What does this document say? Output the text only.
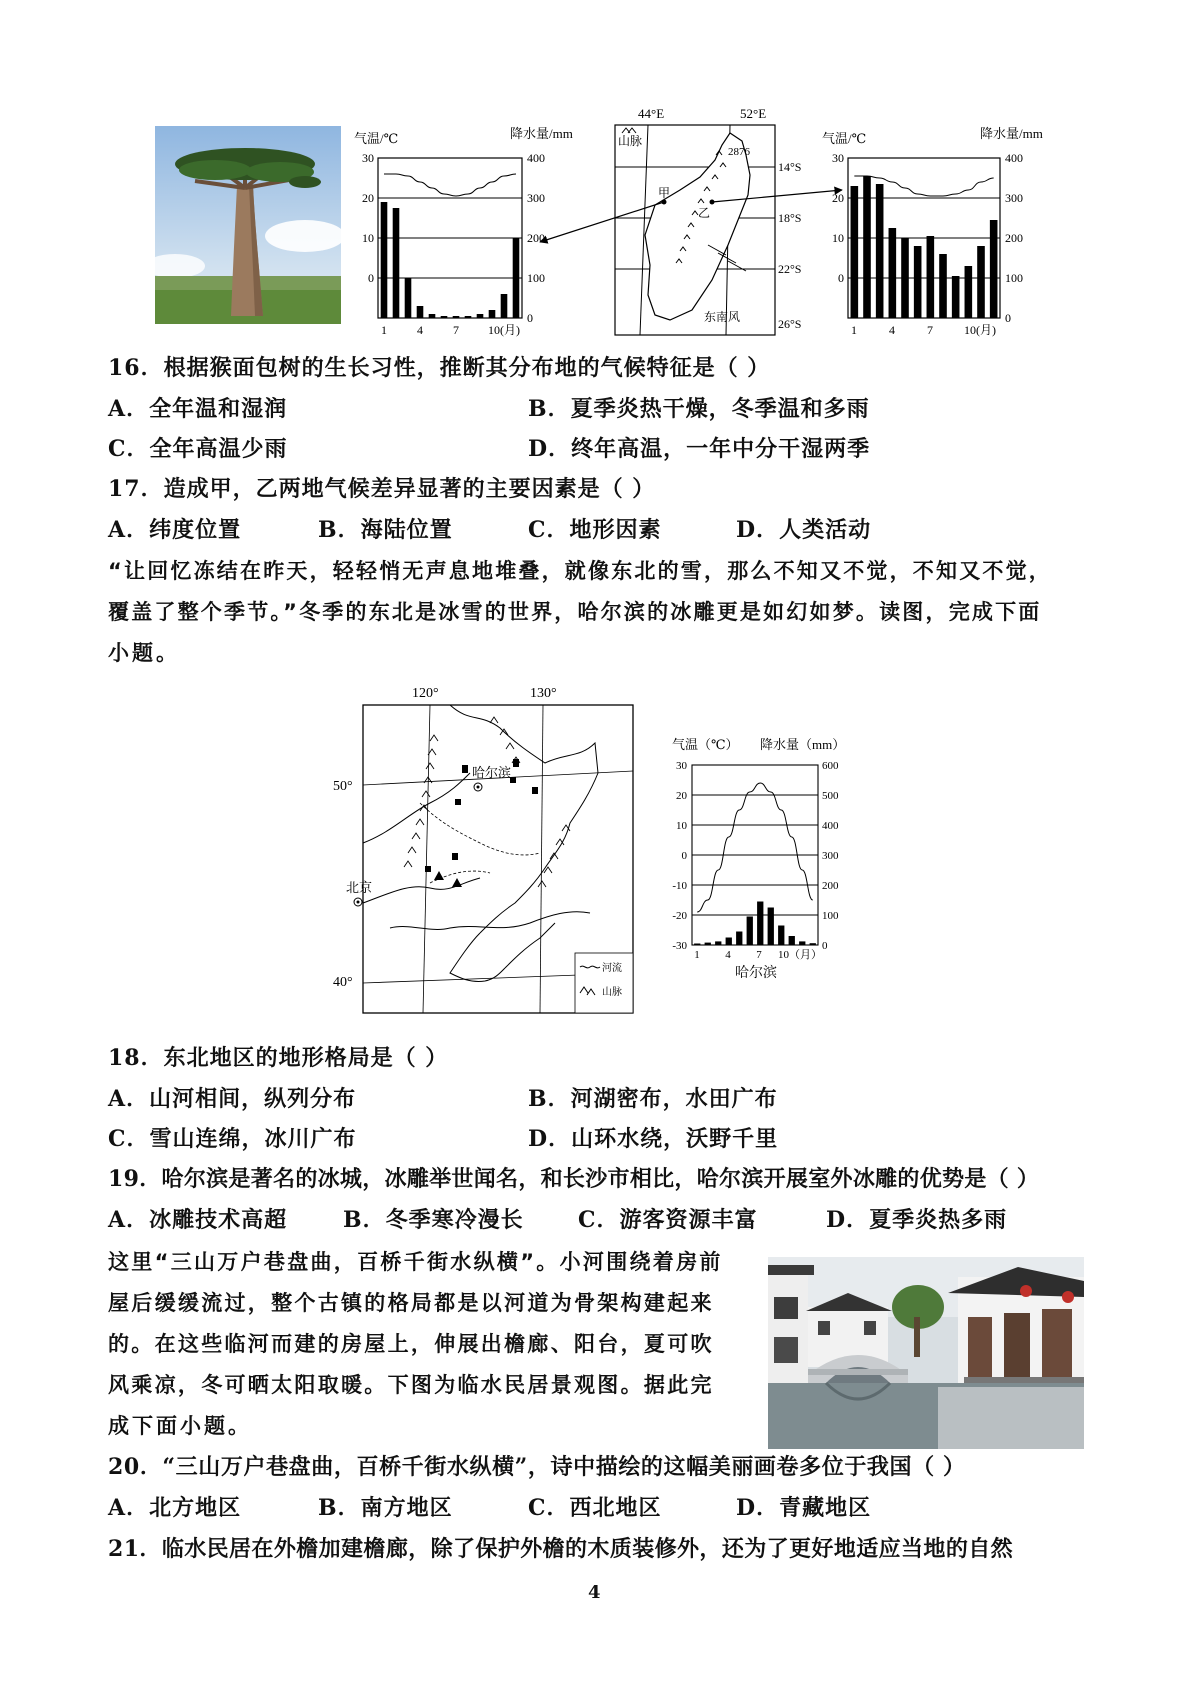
气温/℃	降水量/mm
30
20
10
0
400
300
200
100
0
1	4	7 10(月)
44°E	52°E
山脉
2876
甲
乙
东南风
14°S
18°S
22°S
26°S
气温/℃	降水量/mm
30
20
10
0
400
300
200
100
0
1	4	7	10(月)
16．根据猴面包树的生长习性，推断其分布地的气候特征是（ ）
A．全年温和湿润	B．夏季炎热干燥，冬季温和多雨
C．全年高温少雨	D．终年高温，一年中分干湿两季
17．造成甲，乙两地气候差异显著的主要因素是（ ）
A．纬度位置	B．海陆位置	C．地形因素	D．人类活动
“让回忆冻结在昨天，轻轻悄无声息地堆叠，就像东北的雪，那么不知又不觉，不知又不觉，
覆盖了整个季节。”冬季的东北是冰雪的世界，哈尔滨的冰雕更是如幻如梦。读图，完成下面
小题。
120°	130°
50°
40°
哈尔滨
北京
河流
山脉
气温（℃） 降水量（mm）
30
20
10
0
-10
-20
-30
600
500
400
300
200
100
0
1 4 7 10（月）
哈尔滨
18．东北地区的地形格局是（ ）
A．山河相间，纵列分布	B．河湖密布，水田广布
C．雪山连绵，冰川广布	D．山环水绕，沃野千里
19．哈尔滨是著名的冰城，冰雕举世闻名，和长沙市相比，哈尔滨开展室外冰雕的优势是（ ）
A．冰雕技术高超	B．冬季寒冷漫长 C．游客资源丰富	D．夏季炎热多雨
这里“三山万户巷盘曲，百桥千街水纵横”。小河围绕着房前
屋后缓缓流过，整个古镇的格局都是以河道为骨架构建起来
的。在这些临河而建的房屋上，伸展出檐廊、阳台，夏可吹
风乘凉，冬可晒太阳取暖。下图为临水民居景观图。据此完
成下面小题。
20．“三山万户巷盘曲，百桥千街水纵横”，诗中描绘的这幅美丽画卷多位于我国（ ）
A．北方地区	B．南方地区	C．西北地区	D．青藏地区
21．临水民居在外檐加建檐廊，除了保护外檐的木质装修外，还为了更好地适应当地的自然
4
